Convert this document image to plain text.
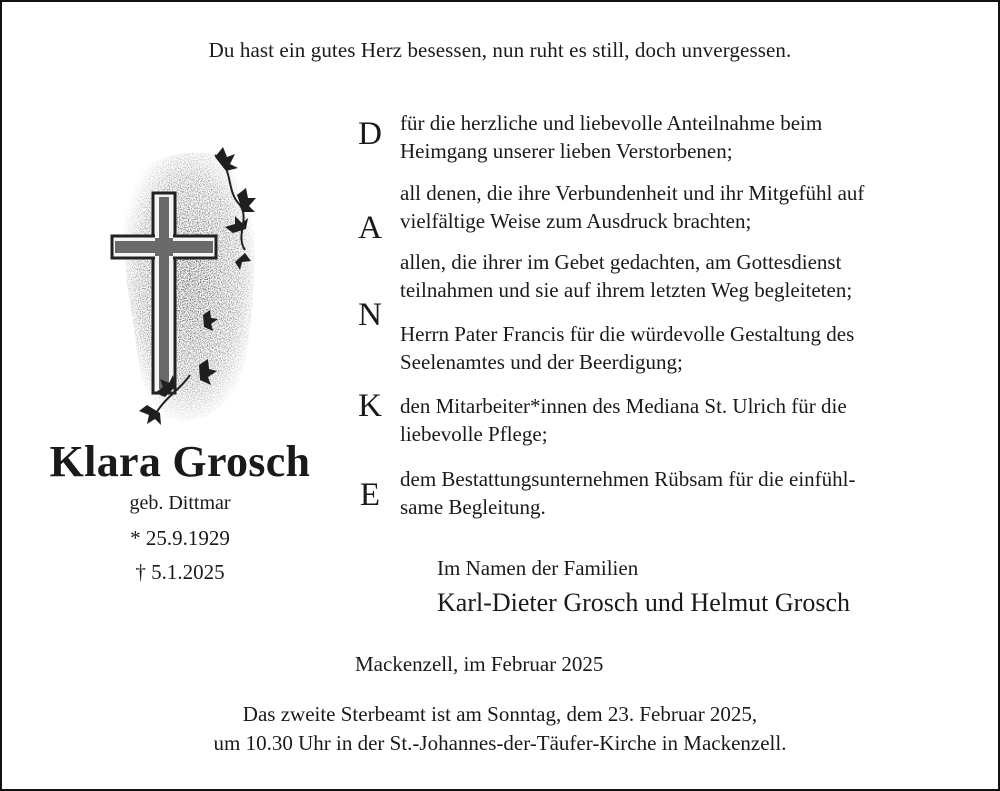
Du hast ein gutes Herz besessen, nun ruht es still, doch unvergessen.
Klara Grosch
geb. Dittmar
* 25.9.1929
† 5.1.2025
D
A
N
K
E
für die herzliche und liebevolle Anteilnahme beim
Heimgang unserer lieben Verstorbenen;
all denen, die ihre Verbundenheit und ihr Mitgefühl auf
vielfältige Weise zum Ausdruck brachten;
allen, die ihrer im Gebet gedachten, am Gottesdienst
teilnahmen und sie auf ihrem letzten Weg begleiteten;
Herrn Pater Francis für die würdevolle Gestaltung des
Seelenamtes und der Beerdigung;
den Mitarbeiter*innen des Mediana St. Ulrich für die
liebevolle Pflege;
dem Bestattungsunternehmen Rübsam für die einfühl-
same Begleitung.
Im Namen der Familien
Karl-Dieter Grosch und Helmut Grosch
Mackenzell, im Februar 2025
Das zweite Sterbeamt ist am Sonntag, dem 23. Februar 2025,
um 10.30 Uhr in der St.-Johannes-der-Täufer-Kirche in Mackenzell.
